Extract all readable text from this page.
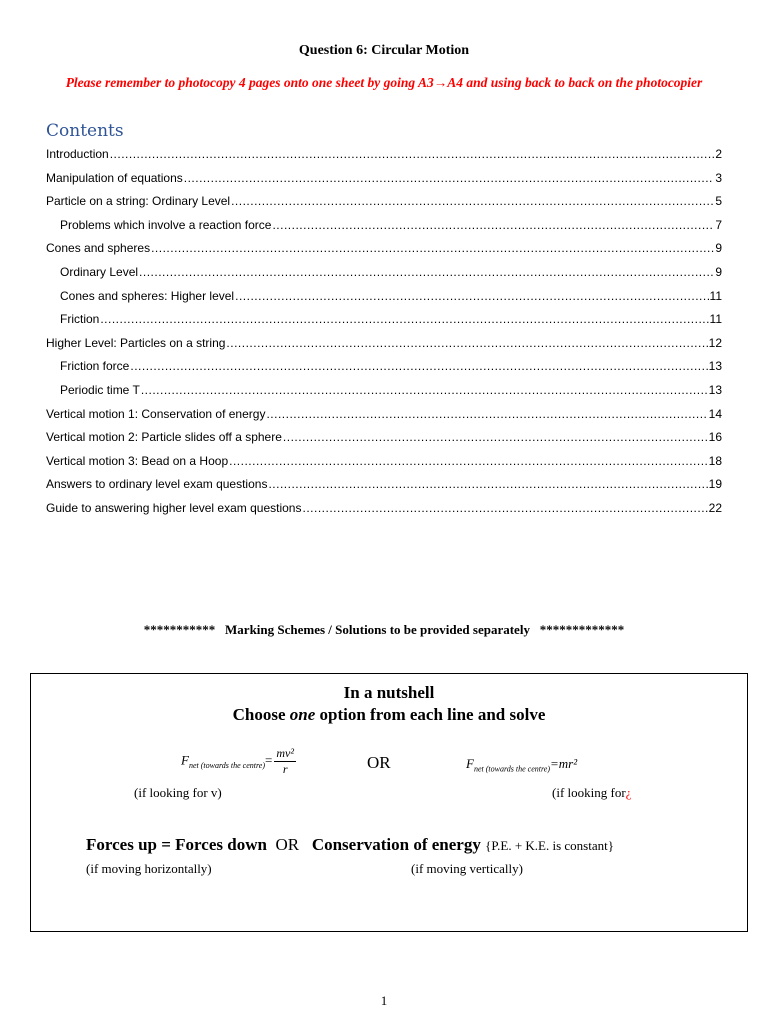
Question 6: Circular Motion
Please remember to photocopy 4 pages onto one sheet by going A3→A4 and using back to back on the photocopier
Contents
Introduction .....	2
Manipulation of equations .....	3
Particle on a string: Ordinary Level .....	5
Problems which involve a reaction force .....	7
Cones and spheres .....	9
Ordinary Level .....	9
Cones and spheres: Higher level .....	11
Friction .....	11
Higher Level: Particles on a string .....	12
Friction force .....	13
Periodic time T .....	13
Vertical motion 1: Conservation of energy .....	14
Vertical motion 2: Particle slides off a sphere .....	16
Vertical motion 3: Bead on a Hoop .....	18
Answers to ordinary level exam questions .....	19
Guide to answering higher level exam questions .....	22
***********   Marking Schemes / Solutions to be provided separately   *************
In a nutshell
Choose one option from each line and solve
$F_{net (towards the centre)}= \frac{\text{mv²}}{r}$	OR	$F_{net (towards the centre)}=mr^2$
(if looking for v)	(if looking for¿
Forces up = Forces down OR Conservation of energy {P.E. + K.E. is constant}
(if moving horizontally)	(if moving vertically)
1
